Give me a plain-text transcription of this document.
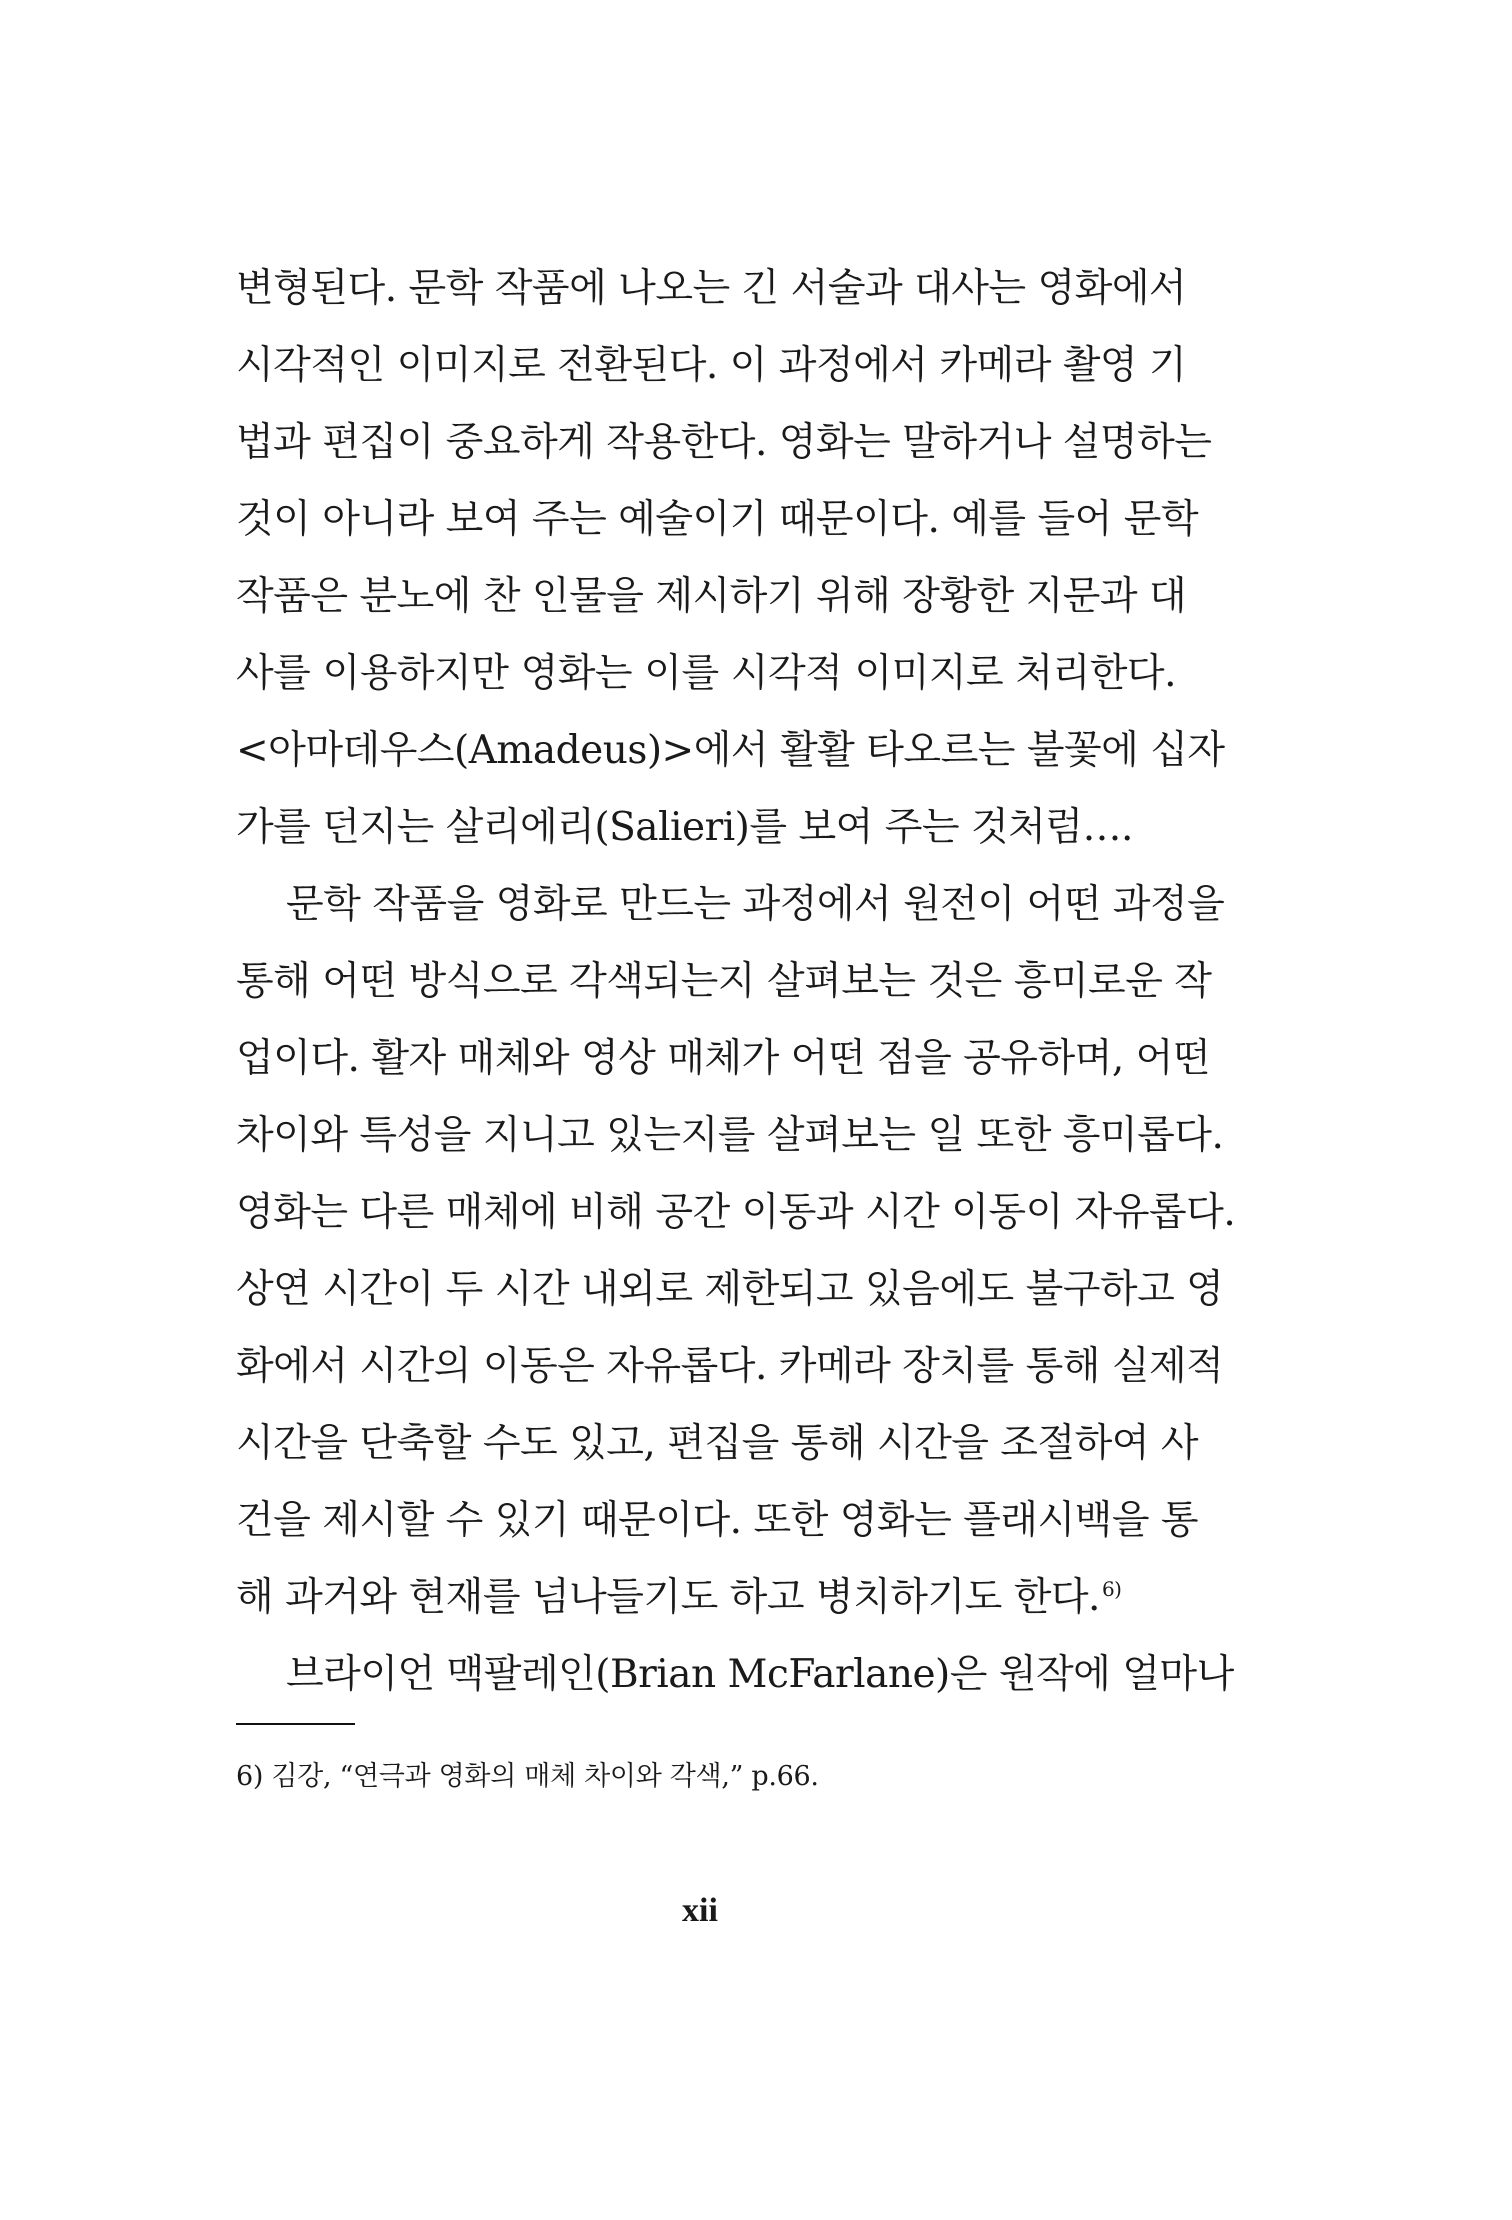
변형된다. 문학 작품에 나오는 긴 서술과 대사는 영화에서
시각적인 이미지로 전환된다. 이 과정에서 카메라 촬영 기
법과 편집이 중요하게 작용한다. 영화는 말하거나 설명하는
것이 아니라 보여 주는 예술이기 때문이다. 예를 들어 문학
작품은 분노에 찬 인물을 제시하기 위해 장황한 지문과 대
사를 이용하지만 영화는 이를 시각적 이미지로 처리한다.
<아마데우스(Amadeus)>에서 활활 타오르는 불꽃에 십자
가를 던지는 살리에리(Salieri)를 보여 주는 것처럼….
문학 작품을 영화로 만드는 과정에서 원전이 어떤 과정을
통해 어떤 방식으로 각색되는지 살펴보는 것은 흥미로운 작
업이다. 활자 매체와 영상 매체가 어떤 점을 공유하며, 어떤
차이와 특성을 지니고 있는지를 살펴보는 일 또한 흥미롭다.
영화는 다른 매체에 비해 공간 이동과 시간 이동이 자유롭다.
상연 시간이 두 시간 내외로 제한되고 있음에도 불구하고 영
화에서 시간의 이동은 자유롭다. 카메라 장치를 통해 실제적
시간을 단축할 수도 있고, 편집을 통해 시간을 조절하여 사
건을 제시할 수 있기 때문이다. 또한 영화는 플래시백을 통
해 과거와 현재를 넘나들기도 하고 병치하기도 한다. $^{6)}$
브라이언 맥팔레인(Brian McFarlane)은 원작에 얼마나
6) 김강, “연극과 영화의 매체 차이와 각색,” p.66.
xii
